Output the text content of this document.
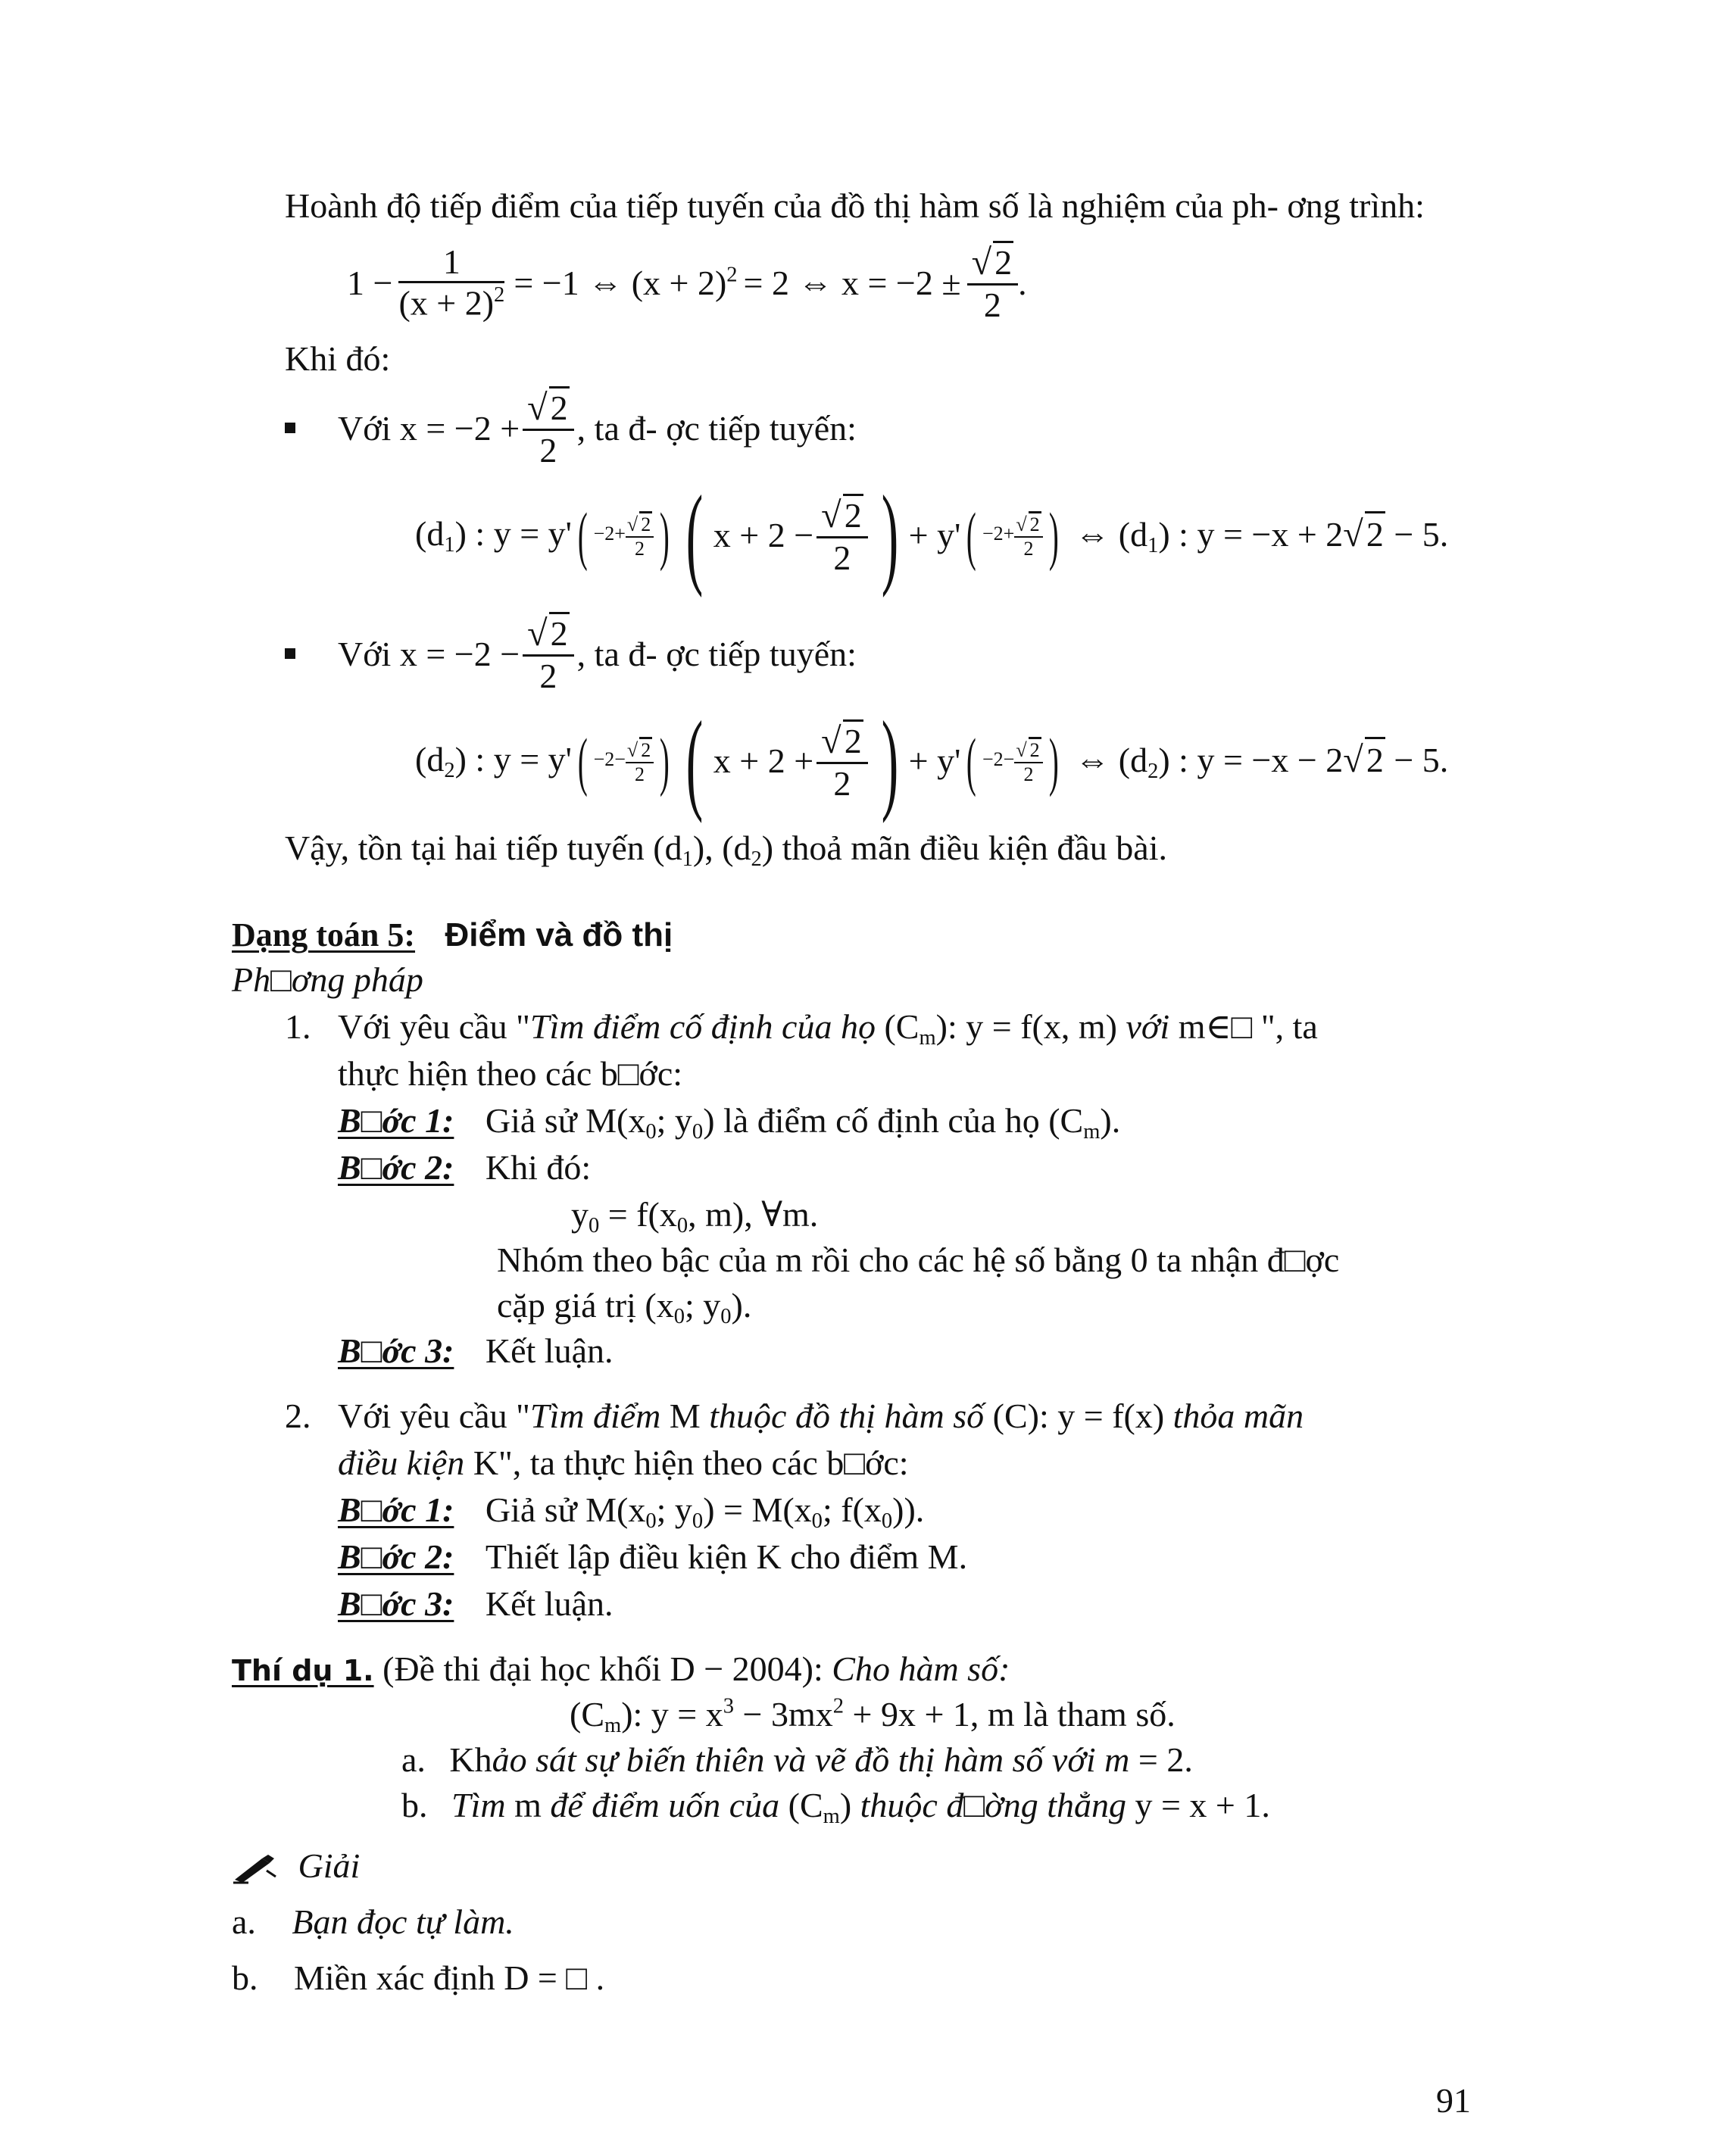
Hoành độ tiếp điểm của tiếp tuyến của đồ thị hàm số là nghiệm của ph- ơng trình:
$1 - \frac{1}{(x + 2)^2} = -1$ ⇔ $(x + 2)^2 = 2$ ⇔ $x = -2 \pm \frac{√2}{2}$ .
Khi đó:
Với $x = -2 + \frac{√2}{2}$ , ta đ- ợc tiếp tuyến:
$(d_1)$ : y = y' ( $-2+ \frac{√ 2}{2}$ ) ( $x + 2 - \frac{√2}{2}$ ) + y' ( $-2+ \frac{√ 2}{2}$ ) ⇔ $(d_1)$ : y = −x + 2√2 − 5.
Với $x = -2 - \frac{√2}{2}$ , ta đ- ợc tiếp tuyến:
$(d_2)$ : y = y' ( $-2- \frac{√ 2}{2}$ ) ( $x + 2 + \frac{√2}{2}$ ) + y' ( $-2- \frac{√ 2}{2}$ ) ⇔ $(d_2)$ : y = −x − 2√2 − 5.
Vậy, tồn tại hai tiếp tuyến $(d_1)$, $(d_2)$ thoả mãn điều kiện đầu bài.
Dạng toán 5: Điểm và đồ thị
Ph□ơng pháp
1. Với yêu cầu "Tìm điểm cố định của họ $(C_m)$: y = f(x, m) với m∈□ ", ta
thực hiện theo các b□ớc:
B□ớc 1: Giả sử $M(x_0$; $y_0$) là điểm cố định của họ $(C_m)$.
B□ớc 2: Khi đó:
$y_0 = f(x_0$, m), ∀m.
Nhóm theo bậc của m rồi cho các hệ số bằng 0 ta nhận đ□ợc
cặp giá trị ($x_0$; $y_0$).
B□ớc 3: Kết luận.
2. Với yêu cầu "Tìm điểm M thuộc đồ thị hàm số (C): y = f(x) thỏa mãn
điều kiện K", ta thực hiện theo các b□ớc:
B□ớc 1: Giả sử $M(x_0$; $y_0) = M(x_0$; $f(x_0)$).
B□ớc 2: Thiết lập điều kiện K cho điểm M.
B□ớc 3: Kết luận.
Thí dụ 1. (Đề thi đại học khối D − 2004): Cho hàm số:
$(C_m)$: $y = x^3 - 3mx^2 + 9x + 1$, m là tham số.
a. Khảo sát sự biến thiên và vẽ đồ thị hàm số với m = 2.
b. Tìm m để điểm uốn của $(C_m)$ thuộc đ□ờng thẳng y = x + 1.
Giải
a. Bạn đọc tự làm.
b. Miền xác định D = □ .
91
